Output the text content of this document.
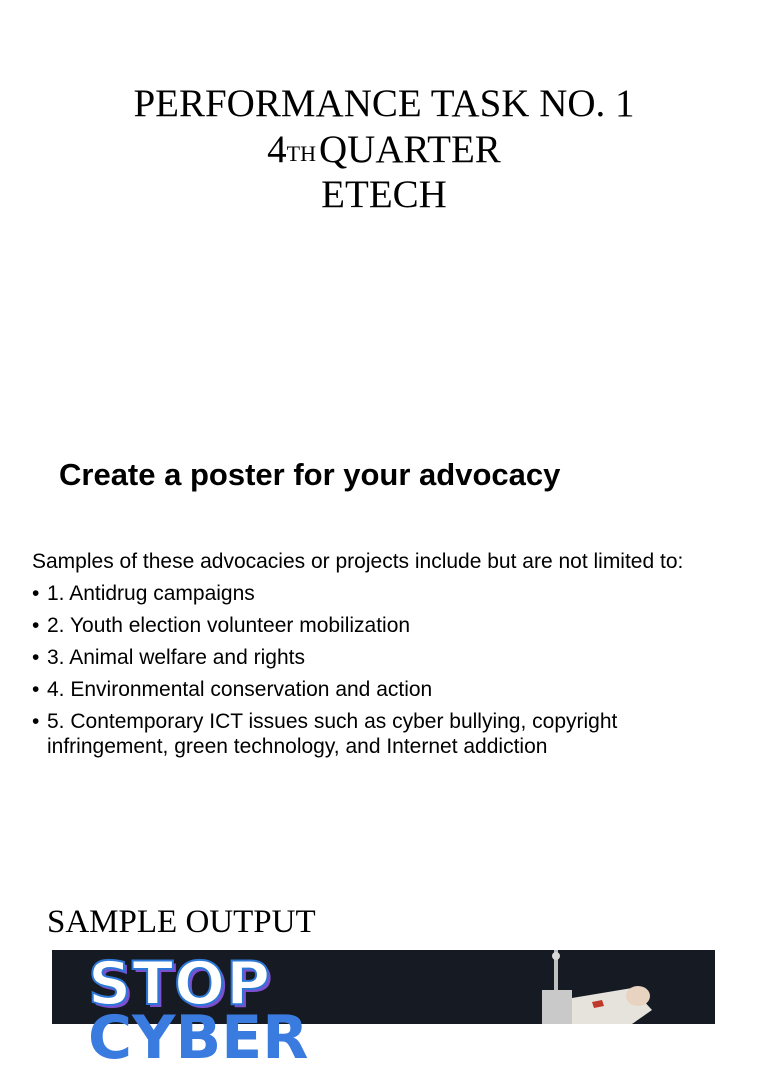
PERFORMANCE TASK NO. 1
4THQUARTER
ETECH
Create a poster for your advocacy
Samples of these advocacies or projects include but are not limited to:
• 1. Antidrug campaigns
• 2. Youth election volunteer mobilization
• 3. Animal welfare and rights
• 4. Environmental conservation and action
• 5. Contemporary ICT issues such as cyber bullying, copyright infringement, green technology, and Internet addiction
SAMPLE OUTPUT
STOP
CYBER
